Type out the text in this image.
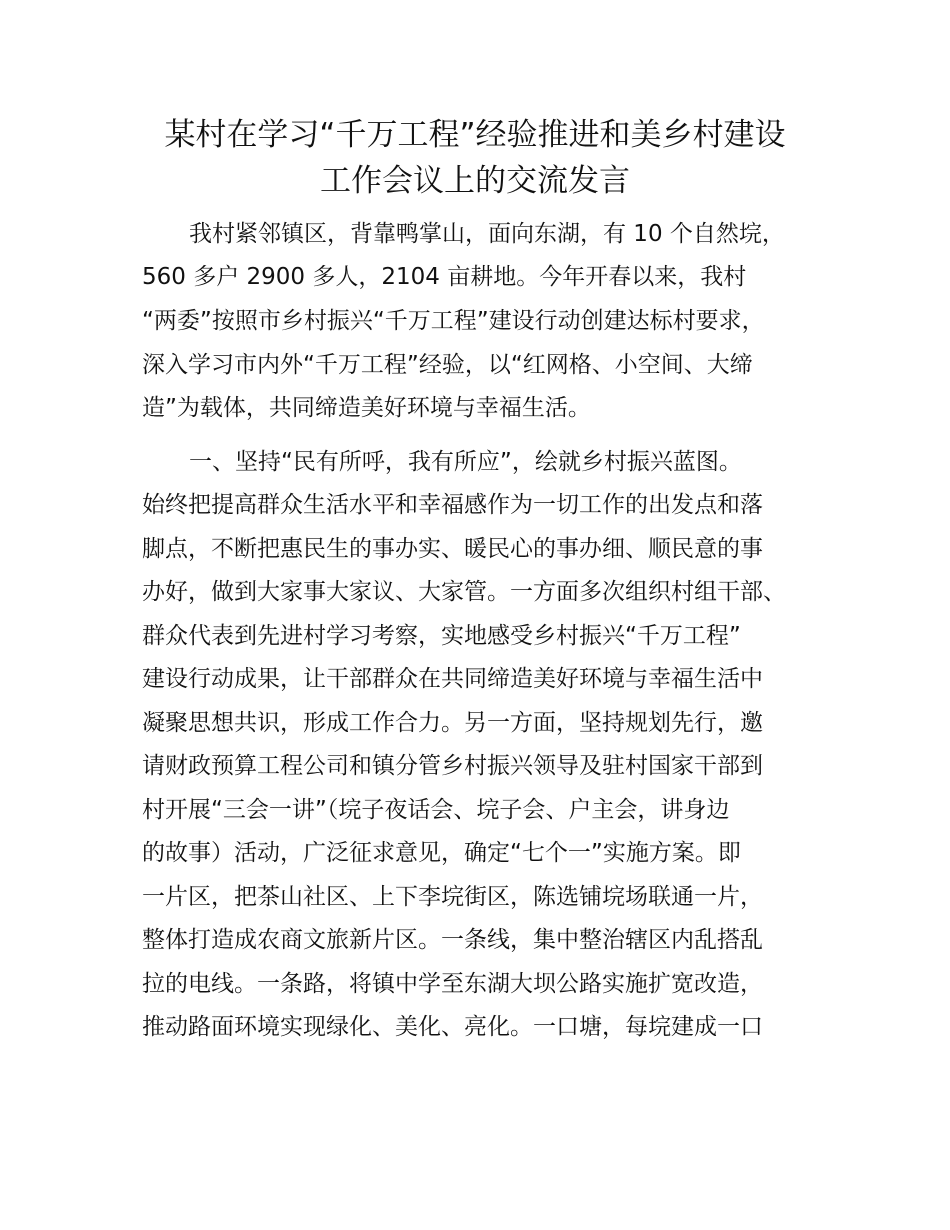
某村在学习“千万工程”经验推进和美乡村建设
工作会议上的交流发言

我村紧邻镇区，背靠鸭掌山，面向东湖，有 10 个自然垸，

560 多户 2900 多人，2104 亩耕地。今年开春以来，我村

“两委”按照市乡村振兴“千万工程”建设行动创建达标村要求，

深入学习市内外“千万工程”经验，以“红网格、小空间、大缔

造”为载体，共同缔造美好环境与幸福生活。

一、坚持“民有所呼，我有所应”，绘就乡村振兴蓝图。

始终把提高群众生活水平和幸福感作为一切工作的出发点和落

脚点，不断把惠民生的事办实、暖民心的事办细、顺民意的事

办好，做到大家事大家议、大家管。一方面多次组织村组干部、

群众代表到先进村学习考察，实地感受乡村振兴“千万工程”

建设行动成果，让干部群众在共同缔造美好环境与幸福生活中

凝聚思想共识，形成工作合力。另一方面，坚持规划先行，邀

请财政预算工程公司和镇分管乡村振兴领导及驻村国家干部到

村开展“三会一讲”（垸子夜话会、垸子会、户主会，讲身边

的故事）活动，广泛征求意见，确定“七个一”实施方案。即

一片区，把茶山社区、上下李垸街区，陈选铺垸场联通一片，

整体打造成农商文旅新片区。一条线，集中整治辖区内乱搭乱

拉的电线。一条路，将镇中学至东湖大坝公路实施扩宽改造，

推动路面环境实现绿化、美化、亮化。一口塘，每垸建成一口
